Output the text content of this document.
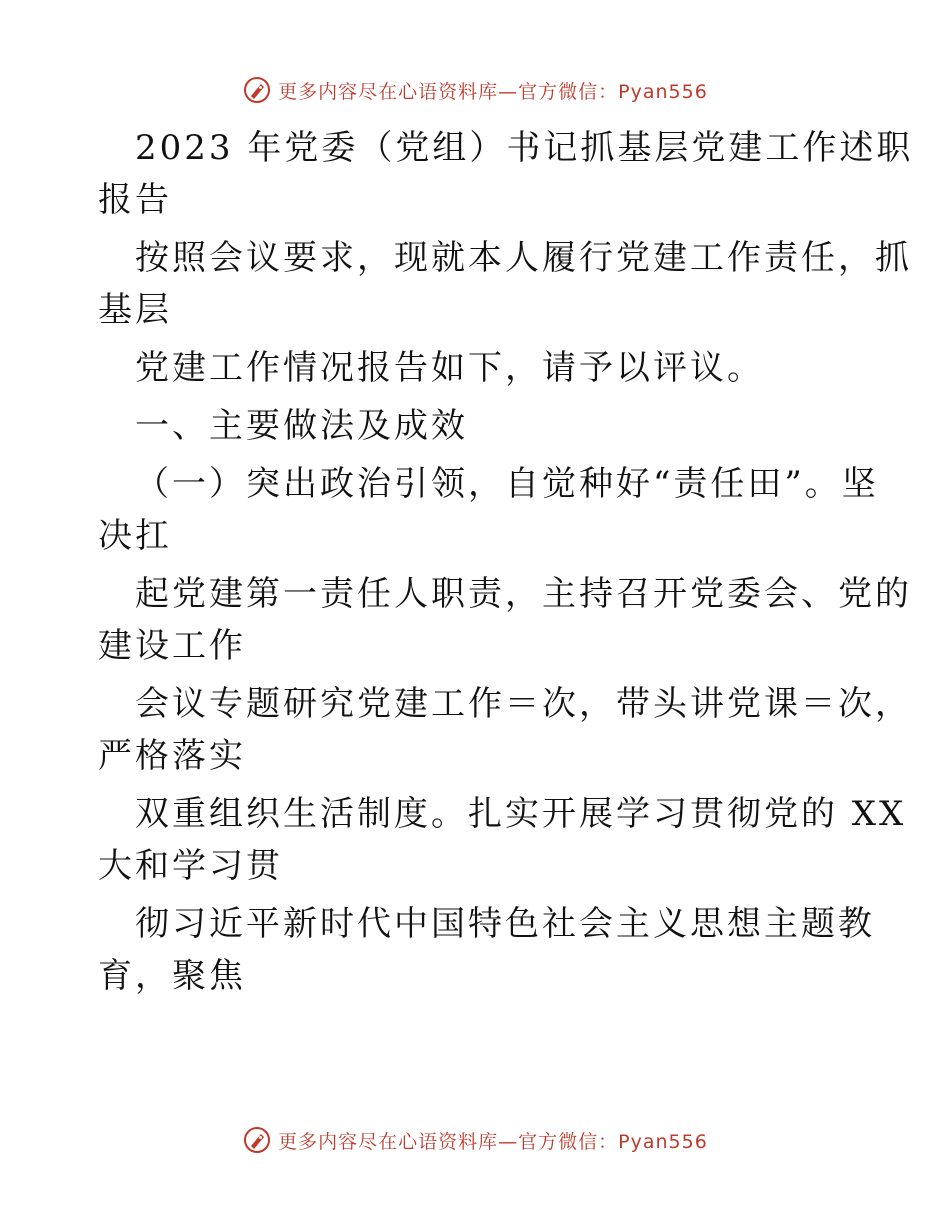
更多内容尽在心语资料库—官方微信：Pyan556

2023 年党委（党组）书记抓基层党建工作述职

报告

按照会议要求，现就本人履行党建工作责任，抓

基层

党建工作情况报告如下，请予以评议。

一、主要做法及成效

（一）突出政治引领，自觉种好“责任田”。坚

决扛

起党建第一责任人职责，主持召开党委会、党的

建设工作

会议专题研究党建工作＝次，带头讲党课＝次，

严格落实

双重组织生活制度。扎实开展学习贯彻党的 XX

大和学习贯

彻习近平新时代中国特色社会主义思想主题教

育，聚焦

更多内容尽在心语资料库—官方微信：Pyan556
